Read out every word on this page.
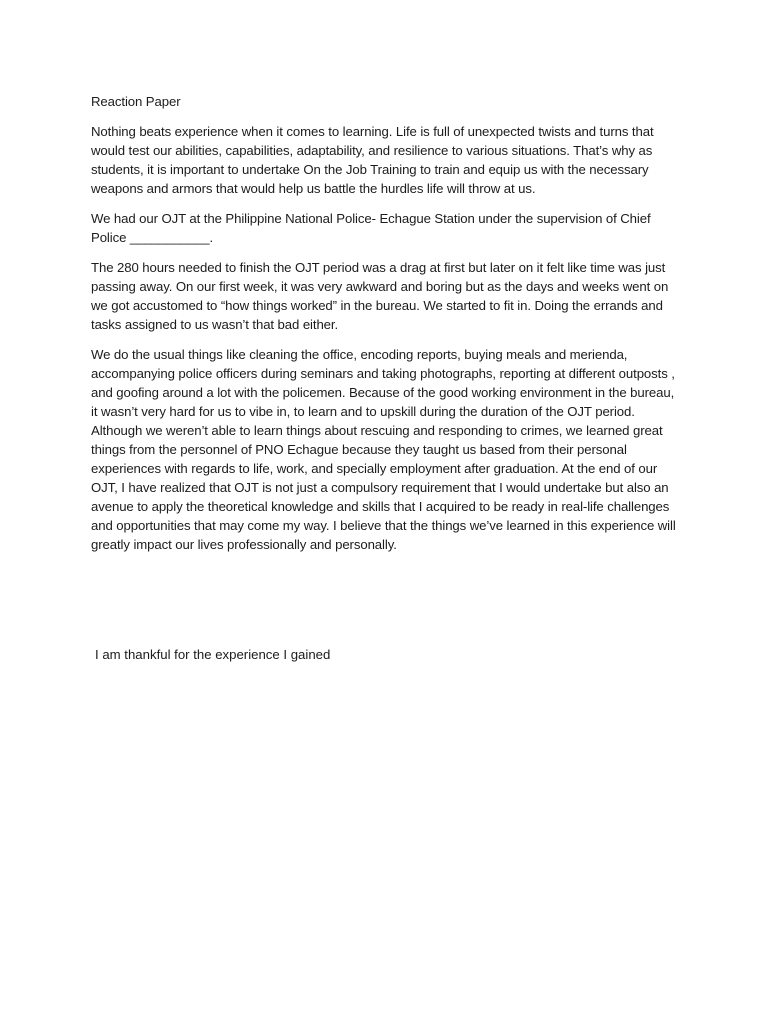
Reaction Paper

Nothing beats experience when it comes to learning. Life is full of unexpected twists and turns that would test our abilities, capabilities, adaptability, and resilience to various situations. That’s why as students, it is important to undertake On the Job Training to train and equip us with the necessary weapons and armors that would help us battle the hurdles life will throw at us.

We had our OJT at the Philippine National Police- Echague Station under the supervision of Chief Police ___________.

The 280 hours needed to finish the OJT period was a drag at first but later on it felt like time was just passing away. On our first week, it was very awkward and boring but as the days and weeks went on we got accustomed to “how things worked” in the bureau. We started to fit in. Doing the errands and tasks assigned to us wasn’t that bad either.

We do the usual things like cleaning the office, encoding reports, buying meals and merienda, accompanying police officers during seminars and taking photographs, reporting at different outposts , and goofing around a lot with the policemen. Because of the good working environment in the bureau, it wasn’t very hard for us to vibe in, to learn and to upskill during the duration of the OJT period. Although we weren’t able to learn things about rescuing and responding to crimes, we learned great things from the personnel of PNO Echague because they taught us based from their personal experiences with regards to life, work, and specially employment after graduation. At the end of our OJT, I have realized that OJT is not just a compulsory requirement that I would undertake but also an avenue to apply the theoretical knowledge and skills that I acquired to be ready in real-life challenges and opportunities that may come my way. I believe that the things we’ve learned in this experience will greatly impact our lives professionally and personally.

I am thankful for the experience I gained
